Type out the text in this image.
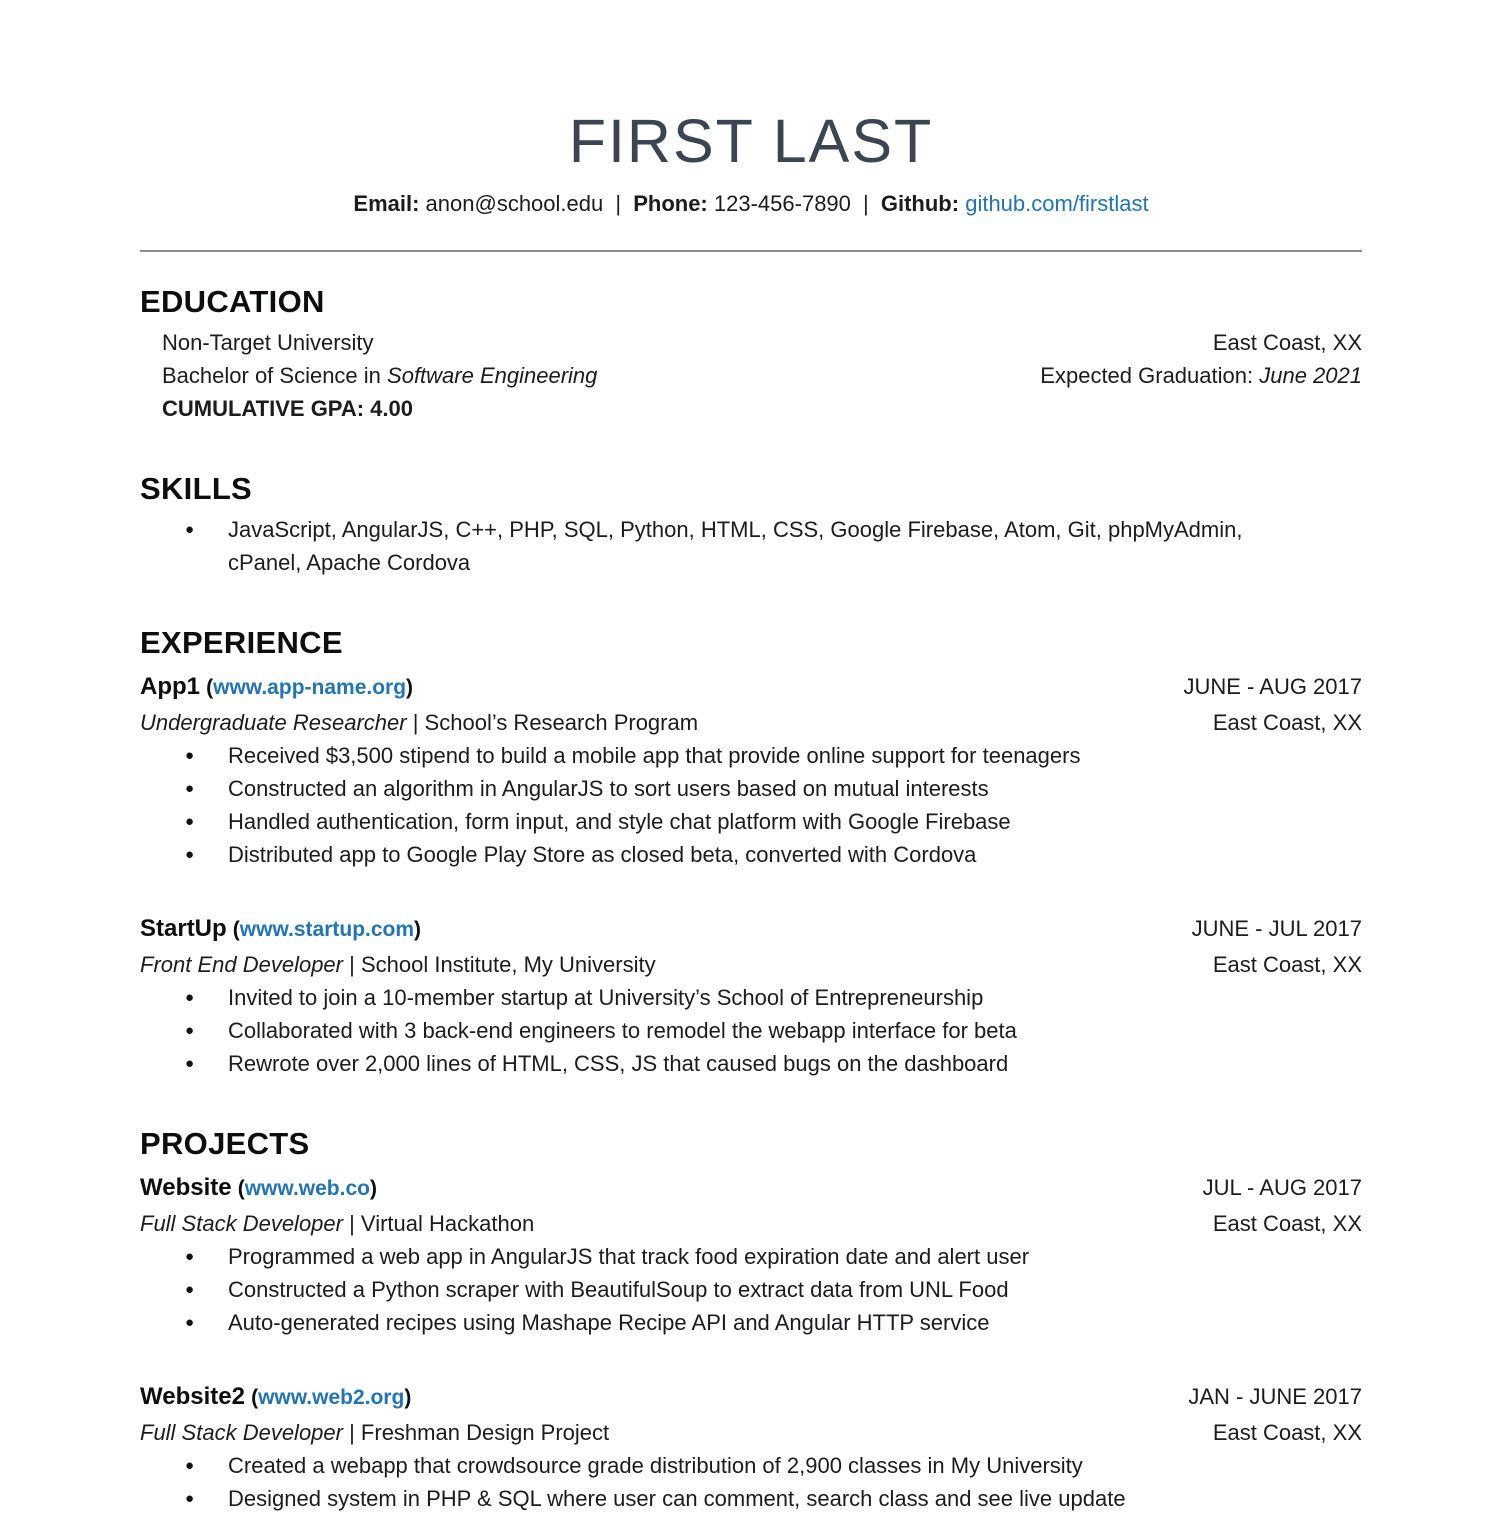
FIRST LAST
Email: anon@school.edu | Phone: 123-456-7890 | Github: github.com/firstlast
EDUCATION
Non-Target University	East Coast, XX
Bachelor of Science in Software Engineering	Expected Graduation: June 2021
CUMULATIVE GPA: 4.00
SKILLS
●	JavaScript, AngularJS, C++, PHP, SQL, Python, HTML, CSS, Google Firebase, Atom, Git, phpMyAdmin, cPanel, Apache Cordova
EXPERIENCE
App1 (www.app-name.org)	JUNE - AUG 2017
Undergraduate Researcher | School’s Research Program	East Coast, XX
●	Received $3,500 stipend to build a mobile app that provide online support for teenagers
●	Constructed an algorithm in AngularJS to sort users based on mutual interests
●	Handled authentication, form input, and style chat platform with Google Firebase
●	Distributed app to Google Play Store as closed beta, converted with Cordova
StartUp (www.startup.com)	JUNE - JUL 2017
Front End Developer | School Institute, My University	East Coast, XX
●	Invited to join a 10-member startup at University’s School of Entrepreneurship
●	Collaborated with 3 back-end engineers to remodel the webapp interface for beta
●	Rewrote over 2,000 lines of HTML, CSS, JS that caused bugs on the dashboard
PROJECTS
Website (www.web.co)	JUL - AUG 2017
Full Stack Developer | Virtual Hackathon	East Coast, XX
●	Programmed a web app in AngularJS that track food expiration date and alert user
●	Constructed a Python scraper with BeautifulSoup to extract data from UNL Food
●	Auto-generated recipes using Mashape Recipe API and Angular HTTP service
Website2 (www.web2.org)	JAN - JUNE 2017
Full Stack Developer | Freshman Design Project	East Coast, XX
●	Created a webapp that crowdsource grade distribution of 2,900 classes in My University
●	Designed system in PHP & SQL where user can comment, search class and see live update
